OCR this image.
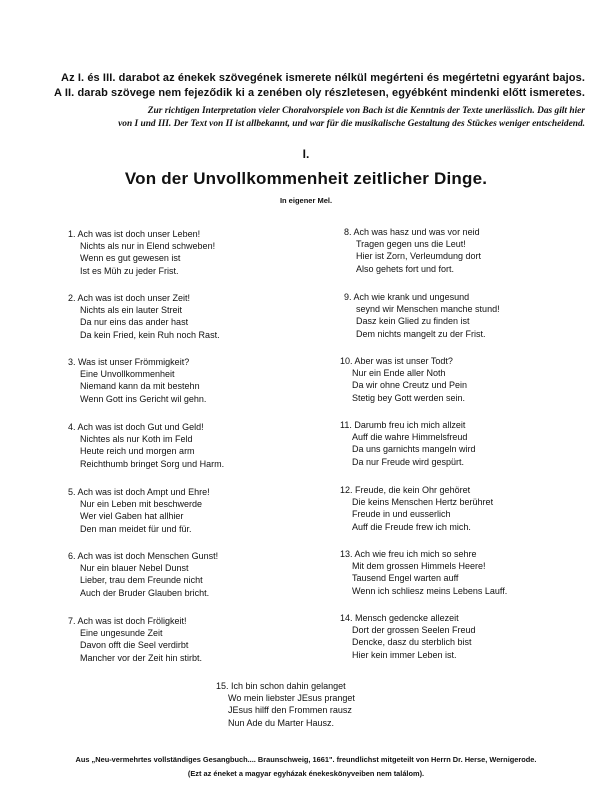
Az I. és III. darabot az énekek szövegének ismerete nélkül megérteni és megértetni egyaránt bajos.
A II. darab szövege nem fejeződik ki a zenében oly részletesen, egyébként mindenki előtt ismeretes.
Zur richtigen Interpretation vieler Choralvorspiele von Bach ist die Kenntnis der Texte unerlässlich. Das gilt hier
von I und III. Der Text von II ist allbekannt, und war für die musikalische Gestaltung des Stückes weniger entscheidend.
I.
Von der Unvollkommenheit zeitlicher Dinge.
In eigener Mel.
1. Ach was ist doch unser Leben!
Nichts als nur in Elend schweben!
Wenn es gut gewesen ist
Ist es Müh zu jeder Frist.
2. Ach was ist doch unser Zeit!
Nichts als ein lauter Streit
Da nur eins das ander hast
Da kein Fried, kein Ruh noch Rast.
3. Was ist unser Frömmigkeit?
Eine Unvollkommenheit
Niemand kann da mit bestehn
Wenn Gott ins Gericht wil gehn.
4. Ach was ist doch Gut und Geld!
Nichtes als nur Koth im Feld
Heute reich und morgen arm
Reichthumb bringet Sorg und Harm.
5. Ach was ist doch Ampt und Ehre!
Nur ein Leben mit beschwerde
Wer viel Gaben hat allhier
Den man meidet für und für.
6. Ach was ist doch Menschen Gunst!
Nur ein blauer Nebel Dunst
Lieber, trau dem Freunde nicht
Auch der Bruder Glauben bricht.
7. Ach was ist doch Fröligkeit!
Eine ungesunde Zeit
Davon offt die Seel verdirbt
Mancher vor der Zeit hin stirbt.
8. Ach was hasz und was vor neid
Tragen gegen uns die Leut!
Hier ist Zorn, Verleumdung dort
Also gehets fort und fort.
9. Ach wie krank und ungesund
seynd wir Menschen manche stund!
Dasz kein Glied zu finden ist
Dem nichts mangelt zu der Frist.
10. Aber was ist unser Todt?
Nur ein Ende aller Noth
Da wir ohne Creutz und Pein
Stetig bey Gott werden sein.
11. Darumb freu ich mich allzeit
Auff die wahre Himmelsfreud
Da uns garnichts mangeln wird
Da nur Freude wird gespürt.
12. Freude, die kein Ohr gehöret
Die keins Menschen Hertz berühret
Freude in und eusserlich
Auff die Freude frew ich mich.
13. Ach wie freu ich mich so sehre
Mit dem grossen Himmels Heere!
Tausend Engel warten auff
Wenn ich schliesz meins Lebens Lauff.
14. Mensch gedencke allezeit
Dort der grossen Seelen Freud
Dencke, dasz du sterblich bist
Hier kein immer Leben ist.
15. Ich bin schon dahin gelanget
Wo mein liebster JEsus pranget
JEsus hilff den Frommen rausz
Nun Ade du Marter Hausz.
Aus „Neu-vermehrtes vollständiges Gesangbuch.... Braunschweig, 1661". freundlichst mitgeteilt von Herrn Dr. Herse, Wernigerode.
(Ezt az éneket a magyar egyházak énekeskönyveiben nem találom).
